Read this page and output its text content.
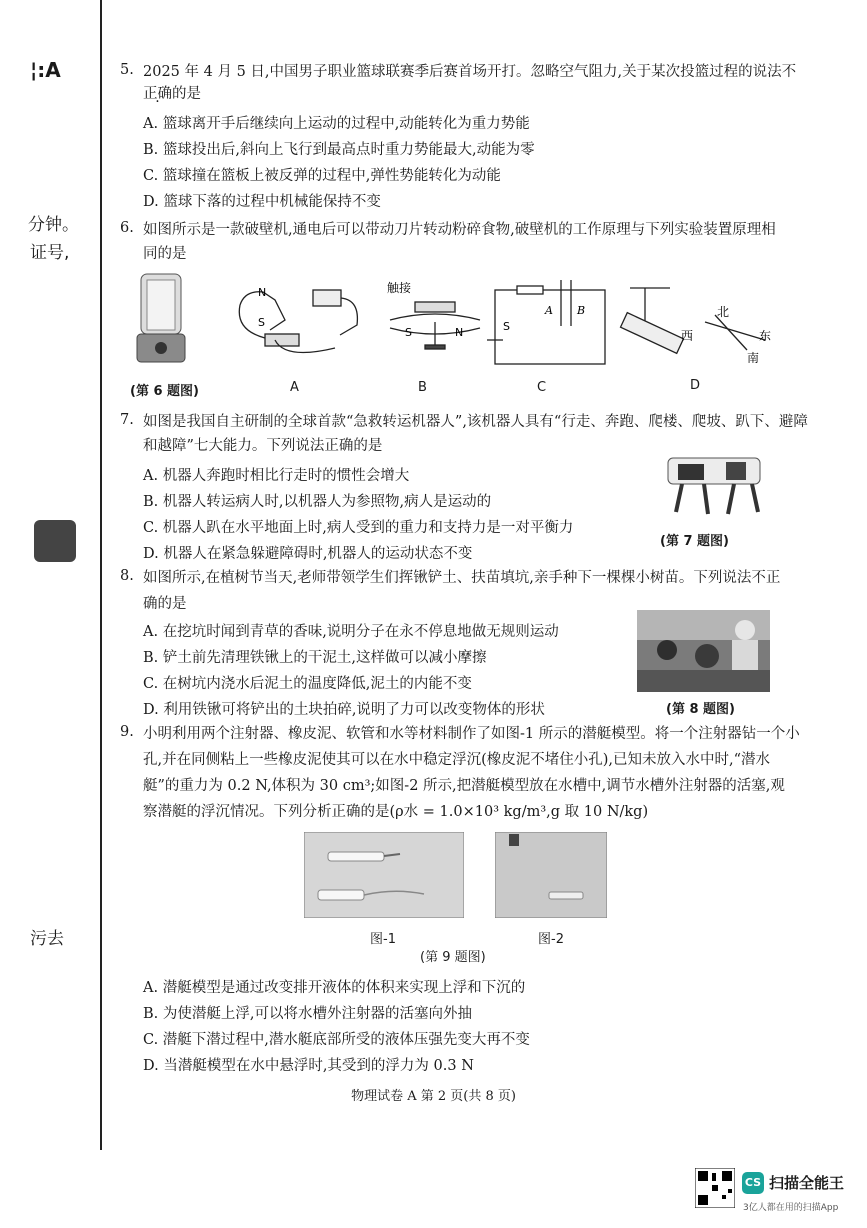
¦:A
分钟。
证号,
污去
5. 2025 年 4 月 5 日,中国男子职业篮球联赛季后赛首场开打。忽略空气阻力,关于某次投篮过程的说法不
正确的是
A. 篮球离开手后继续向上运动的过程中,动能转化为重力势能
B. 篮球投出后,斜向上飞行到最高点时重力势能最大,动能为零
C. 篮球撞在篮板上被反弹的过程中,弹性势能转化为动能
D. 篮球下落的过程中机械能保持不变
6. 如图所示是一款破壁机,通电后可以带动刀片转动粉碎食物,破壁机的工作原理与下列实验装置原理相
同的是
N
S
触接
S	N	S
A B	北
西	东
南
(第 6 题图)	A	B	C	D
7. 如图是我国自主研制的全球首款“急救转运机器人”,该机器人具有“行走、奔跑、爬楼、爬坡、趴下、避障
和越障”七大能力。下列说法正确的是
A. 机器人奔跑时相比行走时的惯性会增大
B. 机器人转运病人时,以机器人为参照物,病人是运动的
C. 机器人趴在水平地面上时,病人受到的重力和支持力是一对平衡力
D. 机器人在紧急躲避障碍时,机器人的运动状态不变
(第 7 题图)
8. 如图所示,在植树节当天,老师带领学生们挥锹铲土、扶苗填坑,亲手种下一棵棵小树苗。下列说法不正
确的是
A. 在挖坑时闻到青草的香味,说明分子在永不停息地做无规则运动
B. 铲土前先清理铁锹上的干泥土,这样做可以减小摩擦
C. 在树坑内浇水后泥土的温度降低,泥土的内能不变
D. 利用铁锹可将铲出的土块拍碎,说明了力可以改变物体的形状	(第 8 题图)
9. 小明利用两个注射器、橡皮泥、软管和水等材料制作了如图-1 所示的潜艇模型。将一个注射器钻一个小
孔,并在同侧粘上一些橡皮泥使其可以在水中稳定浮沉(橡皮泥不堵住小孔),已知未放入水中时,“潜水
艇”的重力为 0.2 N,体积为 30 cm³;如图-2 所示,把潜艇模型放在水槽中,调节水槽外注射器的活塞,观
察潜艇的浮沉情况。下列分析正确的是(ρ水 = 1.0×10³ kg/m³,g 取 10 N/kg)
图-1	图-2
(第 9 题图)
A. 潜艇模型是通过改变排开液体的体积来实现上浮和下沉的
B. 为使潜艇上浮,可以将水槽外注射器的活塞向外抽
C. 潜艇下潜过程中,潜水艇底部所受的液体压强先变大再不变
D. 当潜艇模型在水中悬浮时,其受到的浮力为 0.3 N
物理试卷 A 第 2 页(共 8 页)
CS 扫描全能王
3亿人都在用的扫描App
